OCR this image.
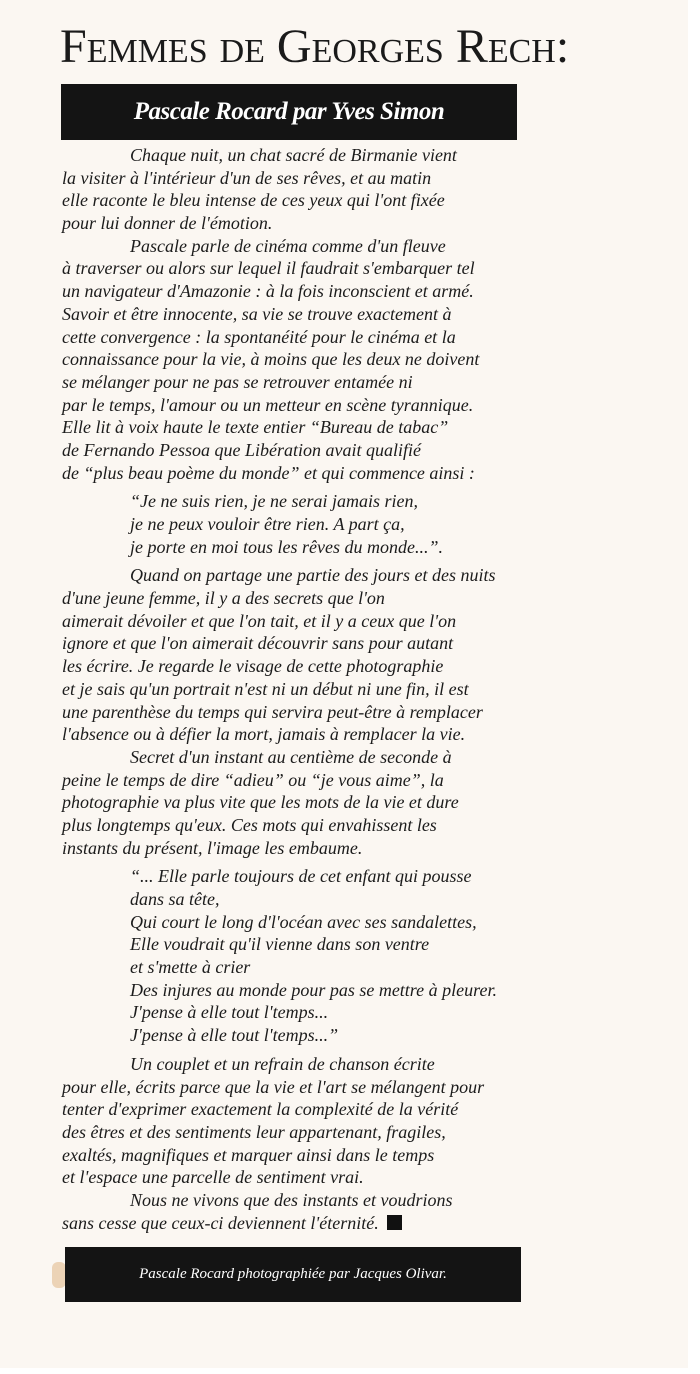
Femmes de Georges Rech:
Pascale Rocard par Yves Simon
Chaque nuit, un chat sacré de Birmanie vient
la visiter à l'intérieur d'un de ses rêves, et au matin
elle raconte le bleu intense de ces yeux qui l'ont fixée
pour lui donner de l'émotion.
Pascale parle de cinéma comme d'un fleuve
à traverser ou alors sur lequel il faudrait s'embarquer tel
un navigateur d'Amazonie : à la fois inconscient et armé.
Savoir et être innocente, sa vie se trouve exactement à
cette convergence : la spontanéité pour le cinéma et la
connaissance pour la vie, à moins que les deux ne doivent
se mélanger pour ne pas se retrouver entamée ni
par le temps, l'amour ou un metteur en scène tyrannique.
Elle lit à voix haute le texte entier “Bureau de tabac”
de Fernando Pessoa que Libération avait qualifié
de “plus beau poème du monde” et qui commence ainsi :
“Je ne suis rien, je ne serai jamais rien,
je ne peux vouloir être rien. A part ça,
je porte en moi tous les rêves du monde...”.
Quand on partage une partie des jours et des nuits
d'une jeune femme, il y a des secrets que l'on
aimerait dévoiler et que l'on tait, et il y a ceux que l'on
ignore et que l'on aimerait découvrir sans pour autant
les écrire. Je regarde le visage de cette photographie
et je sais qu'un portrait n'est ni un début ni une fin, il est
une parenthèse du temps qui servira peut-être à remplacer
l'absence ou à défier la mort, jamais à remplacer la vie.
Secret d'un instant au centième de seconde à
peine le temps de dire “adieu” ou “je vous aime”, la
photographie va plus vite que les mots de la vie et dure
plus longtemps qu'eux. Ces mots qui envahissent les
instants du présent, l'image les embaume.
“... Elle parle toujours de cet enfant qui pousse
dans sa tête,
Qui court le long d'l'océan avec ses sandalettes,
Elle voudrait qu'il vienne dans son ventre
et s'mette à crier
Des injures au monde pour pas se mettre à pleurer.
J'pense à elle tout l'temps...
J'pense à elle tout l'temps...”
Un couplet et un refrain de chanson écrite
pour elle, écrits parce que la vie et l'art se mélangent pour
tenter d'exprimer exactement la complexité de la vérité
des êtres et des sentiments leur appartenant, fragiles,
exaltés, magnifiques et marquer ainsi dans le temps
et l'espace une parcelle de sentiment vrai.
Nous ne vivons que des instants et voudrions
sans cesse que ceux-ci deviennent l'éternité.
Pascale Rocard photographiée par Jacques Olivar.
